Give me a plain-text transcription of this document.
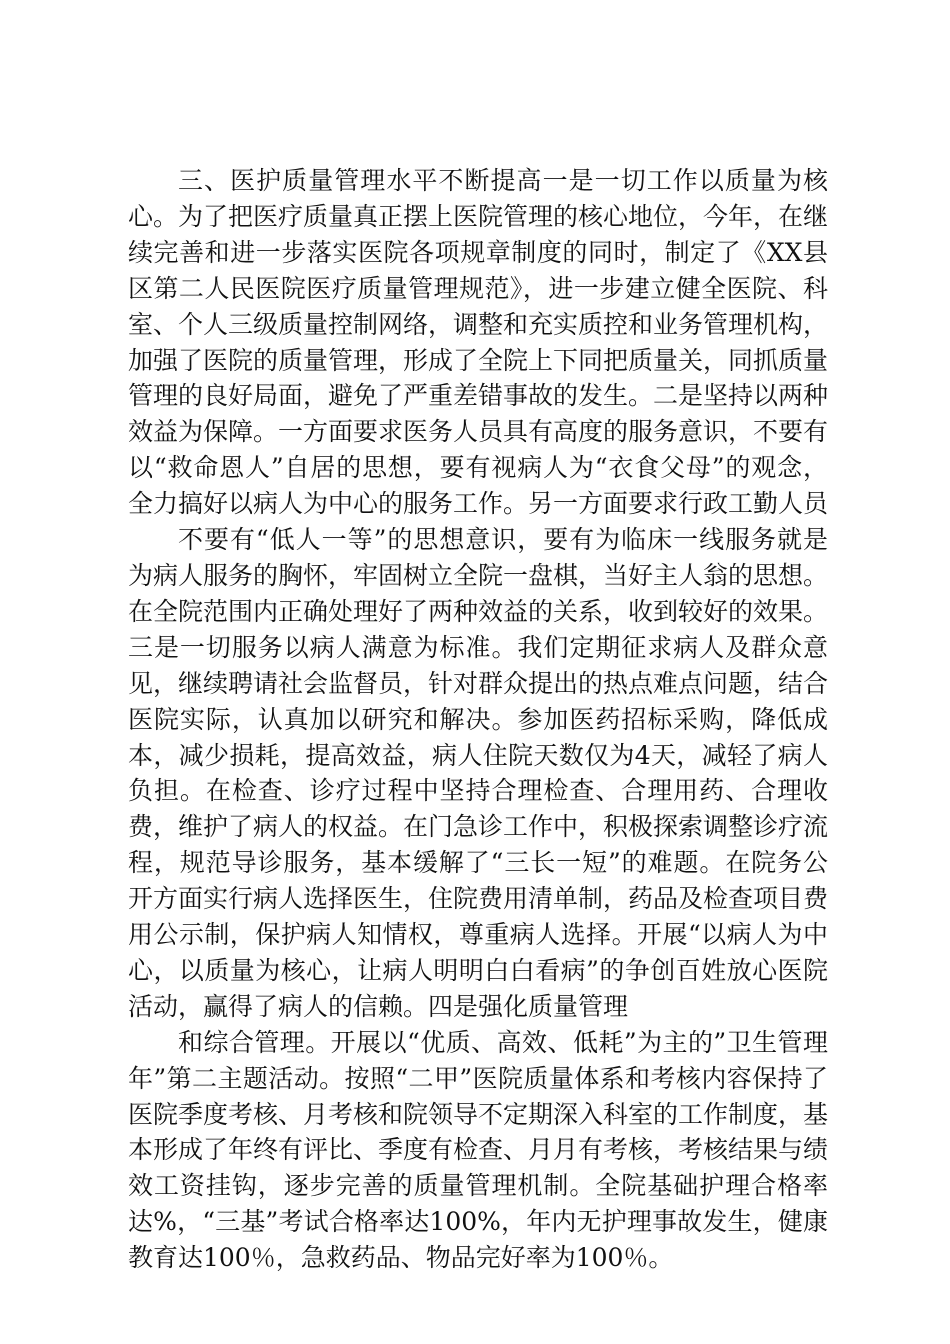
三、医护质量管理水平不断提高一是一切工作以质量为核心。为了把医疗质量真正摆上医院管理的核心地位，今年，在继续完善和进一步落实医院各项规章制度的同时，制定了《XX县区第二人民医院医疗质量管理规范》，进一步建立健全医院、科室、个人三级质量控制网络，调整和充实质控和业务管理机构，加强了医院的质量管理，形成了全院上下同把质量关，同抓质量管理的良好局面，避免了严重差错事故的发生。二是坚持以两种效益为保障。一方面要求医务人员具有高度的服务意识，不要有以“救命恩人”自居的思想，要有视病人为“衣食父母”的观念，全力搞好以病人为中心的服务工作。另一方面要求行政工勤人员

不要有“低人一等”的思想意识，要有为临床一线服务就是为病人服务的胸怀，牢固树立全院一盘棋，当好主人翁的思想。在全院范围内正确处理好了两种效益的关系，收到较好的效果。三是一切服务以病人满意为标准。我们定期征求病人及群众意见，继续聘请社会监督员，针对群众提出的热点难点问题，结合医院实际，认真加以研究和解决。参加医药招标采购，降低成本，减少损耗，提高效益，病人住院天数仅为4天，减轻了病人负担。在检查、诊疗过程中坚持合理检查、合理用药、合理收费，维护了病人的权益。在门急诊工作中，积极探索调整诊疗流程，规范导诊服务，基本缓解了“三长一短”的难题。在院务公开方面实行病人选择医生，住院费用清单制，药品及检查项目费用公示制，保护病人知情权，尊重病人选择。开展“以病人为中心，以质量为核心，让病人明明白白看病”的争创百姓放心医院活动，赢得了病人的信赖。四是强化质量管理

和综合管理。开展以“优质、高效、低耗”为主的”卫生管理年”第二主题活动。按照“二甲”医院质量体系和考核内容保持了医院季度考核、月考核和院领导不定期深入科室的工作制度，基本形成了年终有评比、季度有检查、月月有考核，考核结果与绩效工资挂钩，逐步完善的质量管理机制。全院基础护理合格率达%，“三基”考试合格率达100%，年内无护理事故发生，健康教育达100％，急救药品、物品完好率为100％。
